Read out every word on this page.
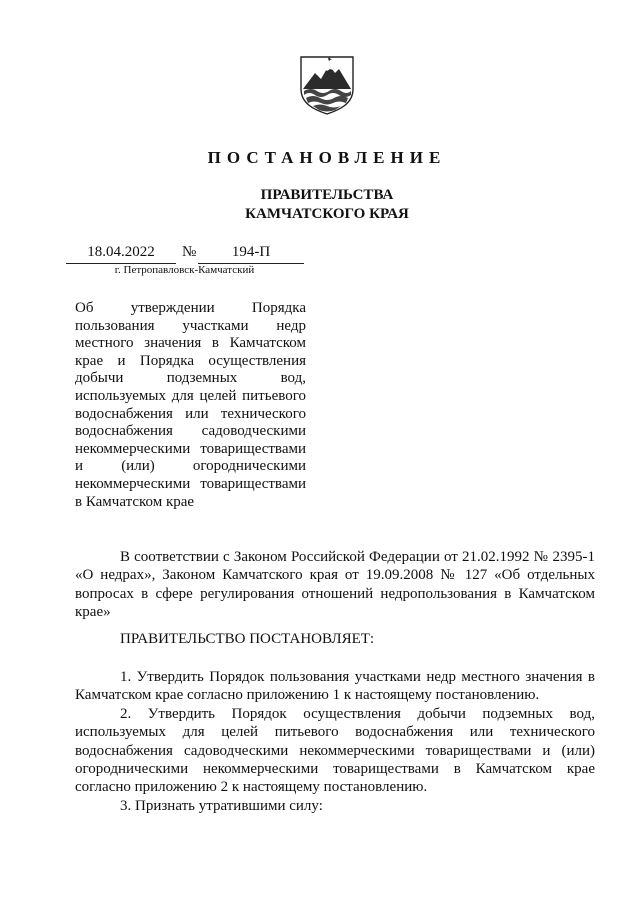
ПОСТАНОВЛЕНИЕ
ПРАВИТЕЛЬСТВА
КАМЧАТСКОГО КРАЯ
18.04.2022	№	194-П
г. Петропавловск-Камчатский
Об утверждении Порядка пользования участками недр местного значения в Камчатском крае и Порядка осуществления добычи подземных вод, используемых для целей питьевого водоснабжения или технического водоснабжения садоводческими некоммерческими товариществами и (или) огородническими некоммерческими товариществами в Камчатском крае

В соответствии с Законом Российской Федерации от 21.02.1992 № 2395-1 «О недрах», Законом Камчатского края от 19.09.2008 № 127 «Об отдельных вопросах в сфере регулирования отношений недропользования в Камчатском крае»

ПРАВИТЕЛЬСТВО ПОСТАНОВЛЯЕТ:

1. Утвердить Порядок пользования участками недр местного значения в Камчатском крае согласно приложению 1 к настоящему постановлению.

2. Утвердить Порядок осуществления добычи подземных вод, используемых для целей питьевого водоснабжения или технического водоснабжения садоводческими некоммерческими товариществами и (или) огородническими некоммерческими товариществами в Камчатском крае согласно приложению 2 к настоящему постановлению.

3. Признать утратившими силу:
